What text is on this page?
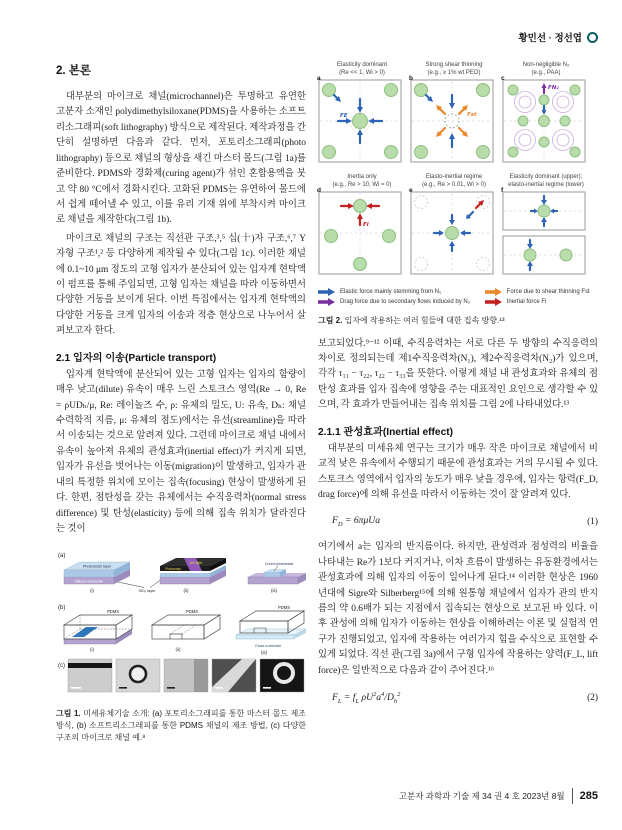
황민선 · 정선엽
2. 본론

대부분의 마이크로 채널(microchannel)은 투명하고 유연한 고분자 소재인 polydimethylsiloxane(PDMS)을 사용하는 소프트리소그래피(soft lithography) 방식으로 제작된다. 제작과정을 간단히 설명하면 다음과 같다. 먼저, 포토리소그래피(photo lithography) 등으로 채널의 형상을 새긴 마스터 몰드(그림 1a)를 준비한다. PDMS와 경화제(curing agent)가 섞인 혼합용액을 붓고 약 80 °C에서 경화시킨다. 고화된 PDMS는 유연하여 몰드에서 쉽게 떼어낼 수 있고, 이를 유리 기재 위에 부착시켜 마이크로 채널을 제작한다(그림 1b).

마이크로 채널의 구조는 직선관 구조,³,⁵ 십(十)자 구조,⁶,⁷ Y자형 구조¹,² 등 다양하게 제작될 수 있다(그림 1c). 이러한 채널에 0.1~10 μm 정도의 고형 입자가 분산되어 있는 입자계 현탁액이 펌프를 통해 주입되면, 고형 입자는 채널을 따라 이동하면서 다양한 거동을 보이게 된다. 이번 특집에서는 입자계 현탁액의 다양한 거동을 크게 입자의 이송과 적층 현상으로 나누어서 살펴보고자 한다.

2.1 입자의 이송(Particle transport)

입자계 현탁액에 분산되어 있는 고형 입자는 입자의 함량이 매우 낮고(dilute) 유속이 매우 느린 스토크스 영역(Re → 0, Re = ρUDₕ/μ, Re: 레이놀즈 수, ρ: 유체의 밀도, U: 유속, Dₕ: 채널 수력학적 지름, μ: 유체의 점도)에서는 유선(streamline)을 따라서 이송되는 것으로 알려져 있다. 그런데 마이크로 채널 내에서 유속이 높아져 유체의 관성효과(inertial effect)가 커지게 되면, 입자가 유선을 벗어나는 이동(migration)이 발생하고, 입자가 관 내의 특정한 위치에 모이는 집속(focusing) 현상이 발생하게 된다. 한편, 점탄성을 갖는 유체에서는 수직응력차(normal stress difference) 및 탄성(elasticity) 등에 의해 집속 위치가 달라진다는 것이

(a)
Photoresist layer
Silicon substrate
(i)	SiO₂ layer
UV light
Photomask
(ii)
Cured photoresist
(iii)
(b)
PDMS
(i)
PDMS
(ii)
PDMS
Glass substrate
(iii)
(c)

그림 1. 미세유체기술 소개: (a) 포토리소그래피를 통한 마스터 몰드 제조 방식, (b) 소프트리소그래피를 통한 PDMS 채널의 제조 방법, (c) 다양한 구조의 마이크로 채널 예.⁸

Elasticity dominant
(Re << 1, Wi > 0)
a
FE
Strong shear thinning
(e.g., ≥ 1% wt PEO)
b
Fst
Non-negligible N₂
(e.g., PAA)
c
FN₂
Inertia only
(e.g., Re > 10, Wi = 0)
d
Fi
Elasto-inertial regime
(e.g., Re > 0.01, Wi > 0)
e
Elasticity dominant (upper);
elasto-inertial regime (lower)
f
Elastic force mainly stemming from N₁	Force due to shear thinning Fst
Drag force due to secondary flows induced by N₂	Inertial force Fi

그림 2. 입자에 작용하는 여러 힘들에 대한 집속 방향.¹³

보고되었다.⁹⁻¹² 이때, 수직응력차는 서로 다른 두 방향의 수직응력의 차이로 정의되는데 제1수직응력차(N₁), 제2수직응력차(N₂)가 있으며, 각각 τ₁₁ − τ₂₂, τ₂₂ − τ₃₃을 뜻한다. 이렇게 채널 내 관성효과와 유체의 점탄성 효과를 입자 집속에 영향을 주는 대표적인 요인으로 생각할 수 있으며, 각 효과가 만들어내는 집속 위치를 그림 2에 나타내었다.¹³

2.1.1 관성효과(Inertial effect)

대부분의 미세유체 연구는 크기가 매우 작은 마이크로 채널에서 비교적 낮은 유속에서 수행되기 때문에 관성효과는 거의 무시될 수 있다. 스토크스 영역에서 입자의 농도가 매우 낮을 경우에, 입자는 항력(F_D, drag force)에 의해 유선을 따라서 이동하는 것이 잘 알려져 있다.

$F_D = 6\pi\mu Ua$	(1)

여기에서 a는 입자의 반지름이다. 하지만, 관성력과 점성력의 비율을 나타내는 Re가 1보다 커지거나, 이차 흐름이 발생하는 유동환경에서는 관성효과에 의해 입자의 이동이 일어나게 된다.¹⁴ 이러한 현상은 1960년대에 Sigre와 Silberberg¹⁵에 의해 원통형 채널에서 입자가 관의 반지름의 약 0.6배가 되는 지점에서 집속되는 현상으로 보고된 바 있다. 이후 관성에 의해 입자가 이동하는 현상을 이해하려는 이론 및 실험적 연구가 진행되었고, 입자에 작용하는 여러가지 힘을 수식으로 표현할 수 있게 되었다. 직선 관(그림 3a)에서 구형 입자에 작용하는 양력(F_L, lift force)은 일반적으로 다음과 같이 주어진다.¹⁶

$F_L = f_L$ $\rho U^2a^4/D_h^2$	(2)
고분자 과학과 기술 제 34 권 4 호 2023년 8월 285
